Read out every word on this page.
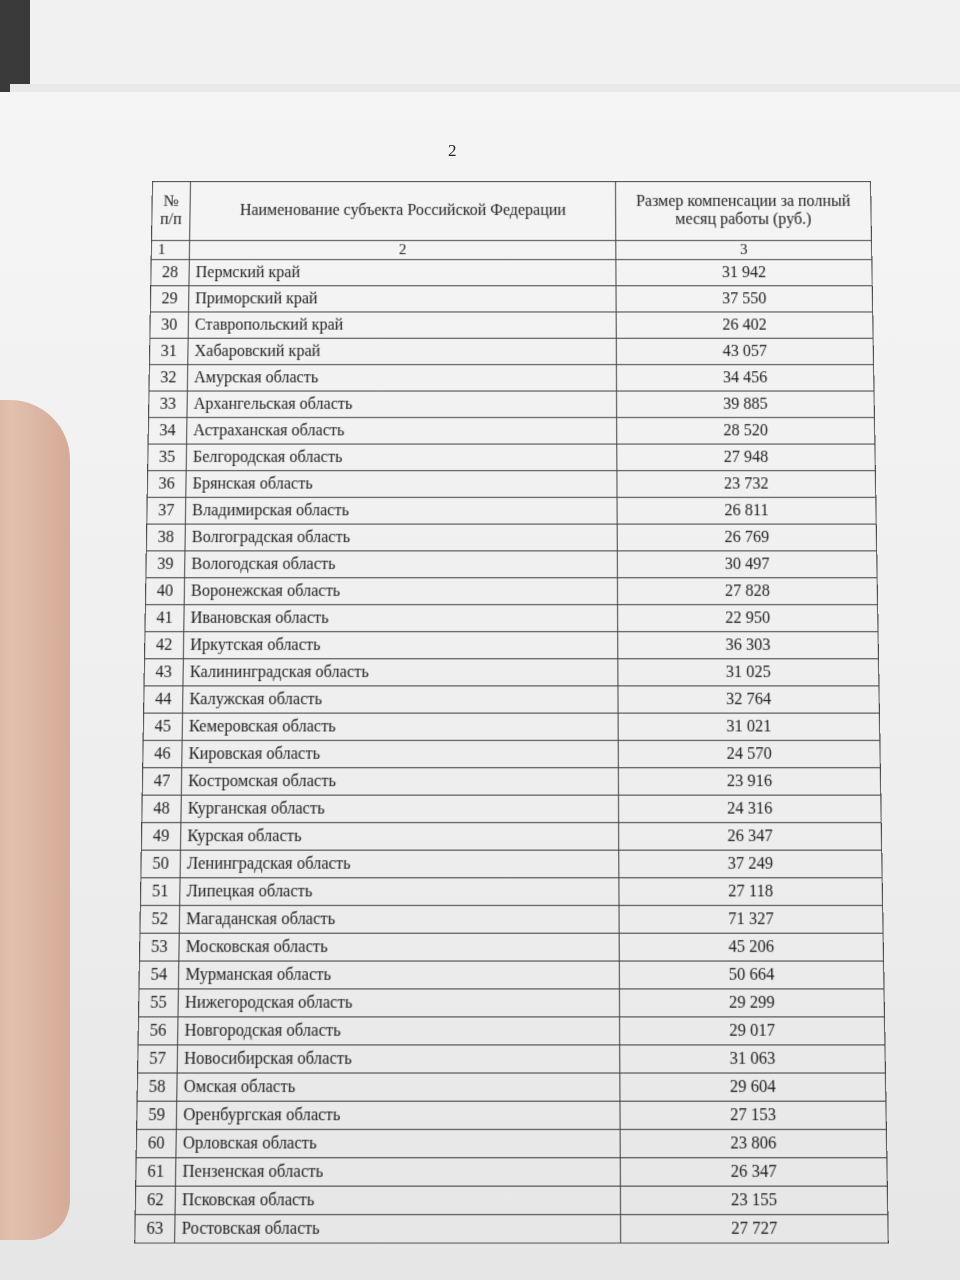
2
№ п/п	Наименование субъекта Российской Федерации	Размер компенсации за полный месяц работы (руб.)
1	2	3
28	Пермский край	31 942
29	Приморский край	37 550
30	Ставропольский край	26 402
31	Хабаровский край	43 057
32	Амурская область	34 456
33	Архангельская область	39 885
34	Астраханская область	28 520
35	Белгородская область	27 948
36	Брянская область	23 732
37	Владимирская область	26 811
38	Волгоградская область	26 769
39	Вологодская область	30 497
40	Воронежская область	27 828
41	Ивановская область	22 950
42	Иркутская область	36 303
43	Калининградская область	31 025
44	Калужская область	32 764
45	Кемеровская область	31 021
46	Кировская область	24 570
47	Костромская область	23 916
48	Курганская область	24 316
49	Курская область	26 347
50	Ленинградская область	37 249
51	Липецкая область	27 118
52	Магаданская область	71 327
53	Московская область	45 206
54	Мурманская область	50 664
55	Нижегородская область	29 299
56	Новгородская область	29 017
57	Новосибирская область	31 063
58	Омская область	29 604
59	Оренбургская область	27 153
60	Орловская область	23 806
61	Пензенская область	26 347
62	Псковская область	23 155
63	Ростовская область	27 727
